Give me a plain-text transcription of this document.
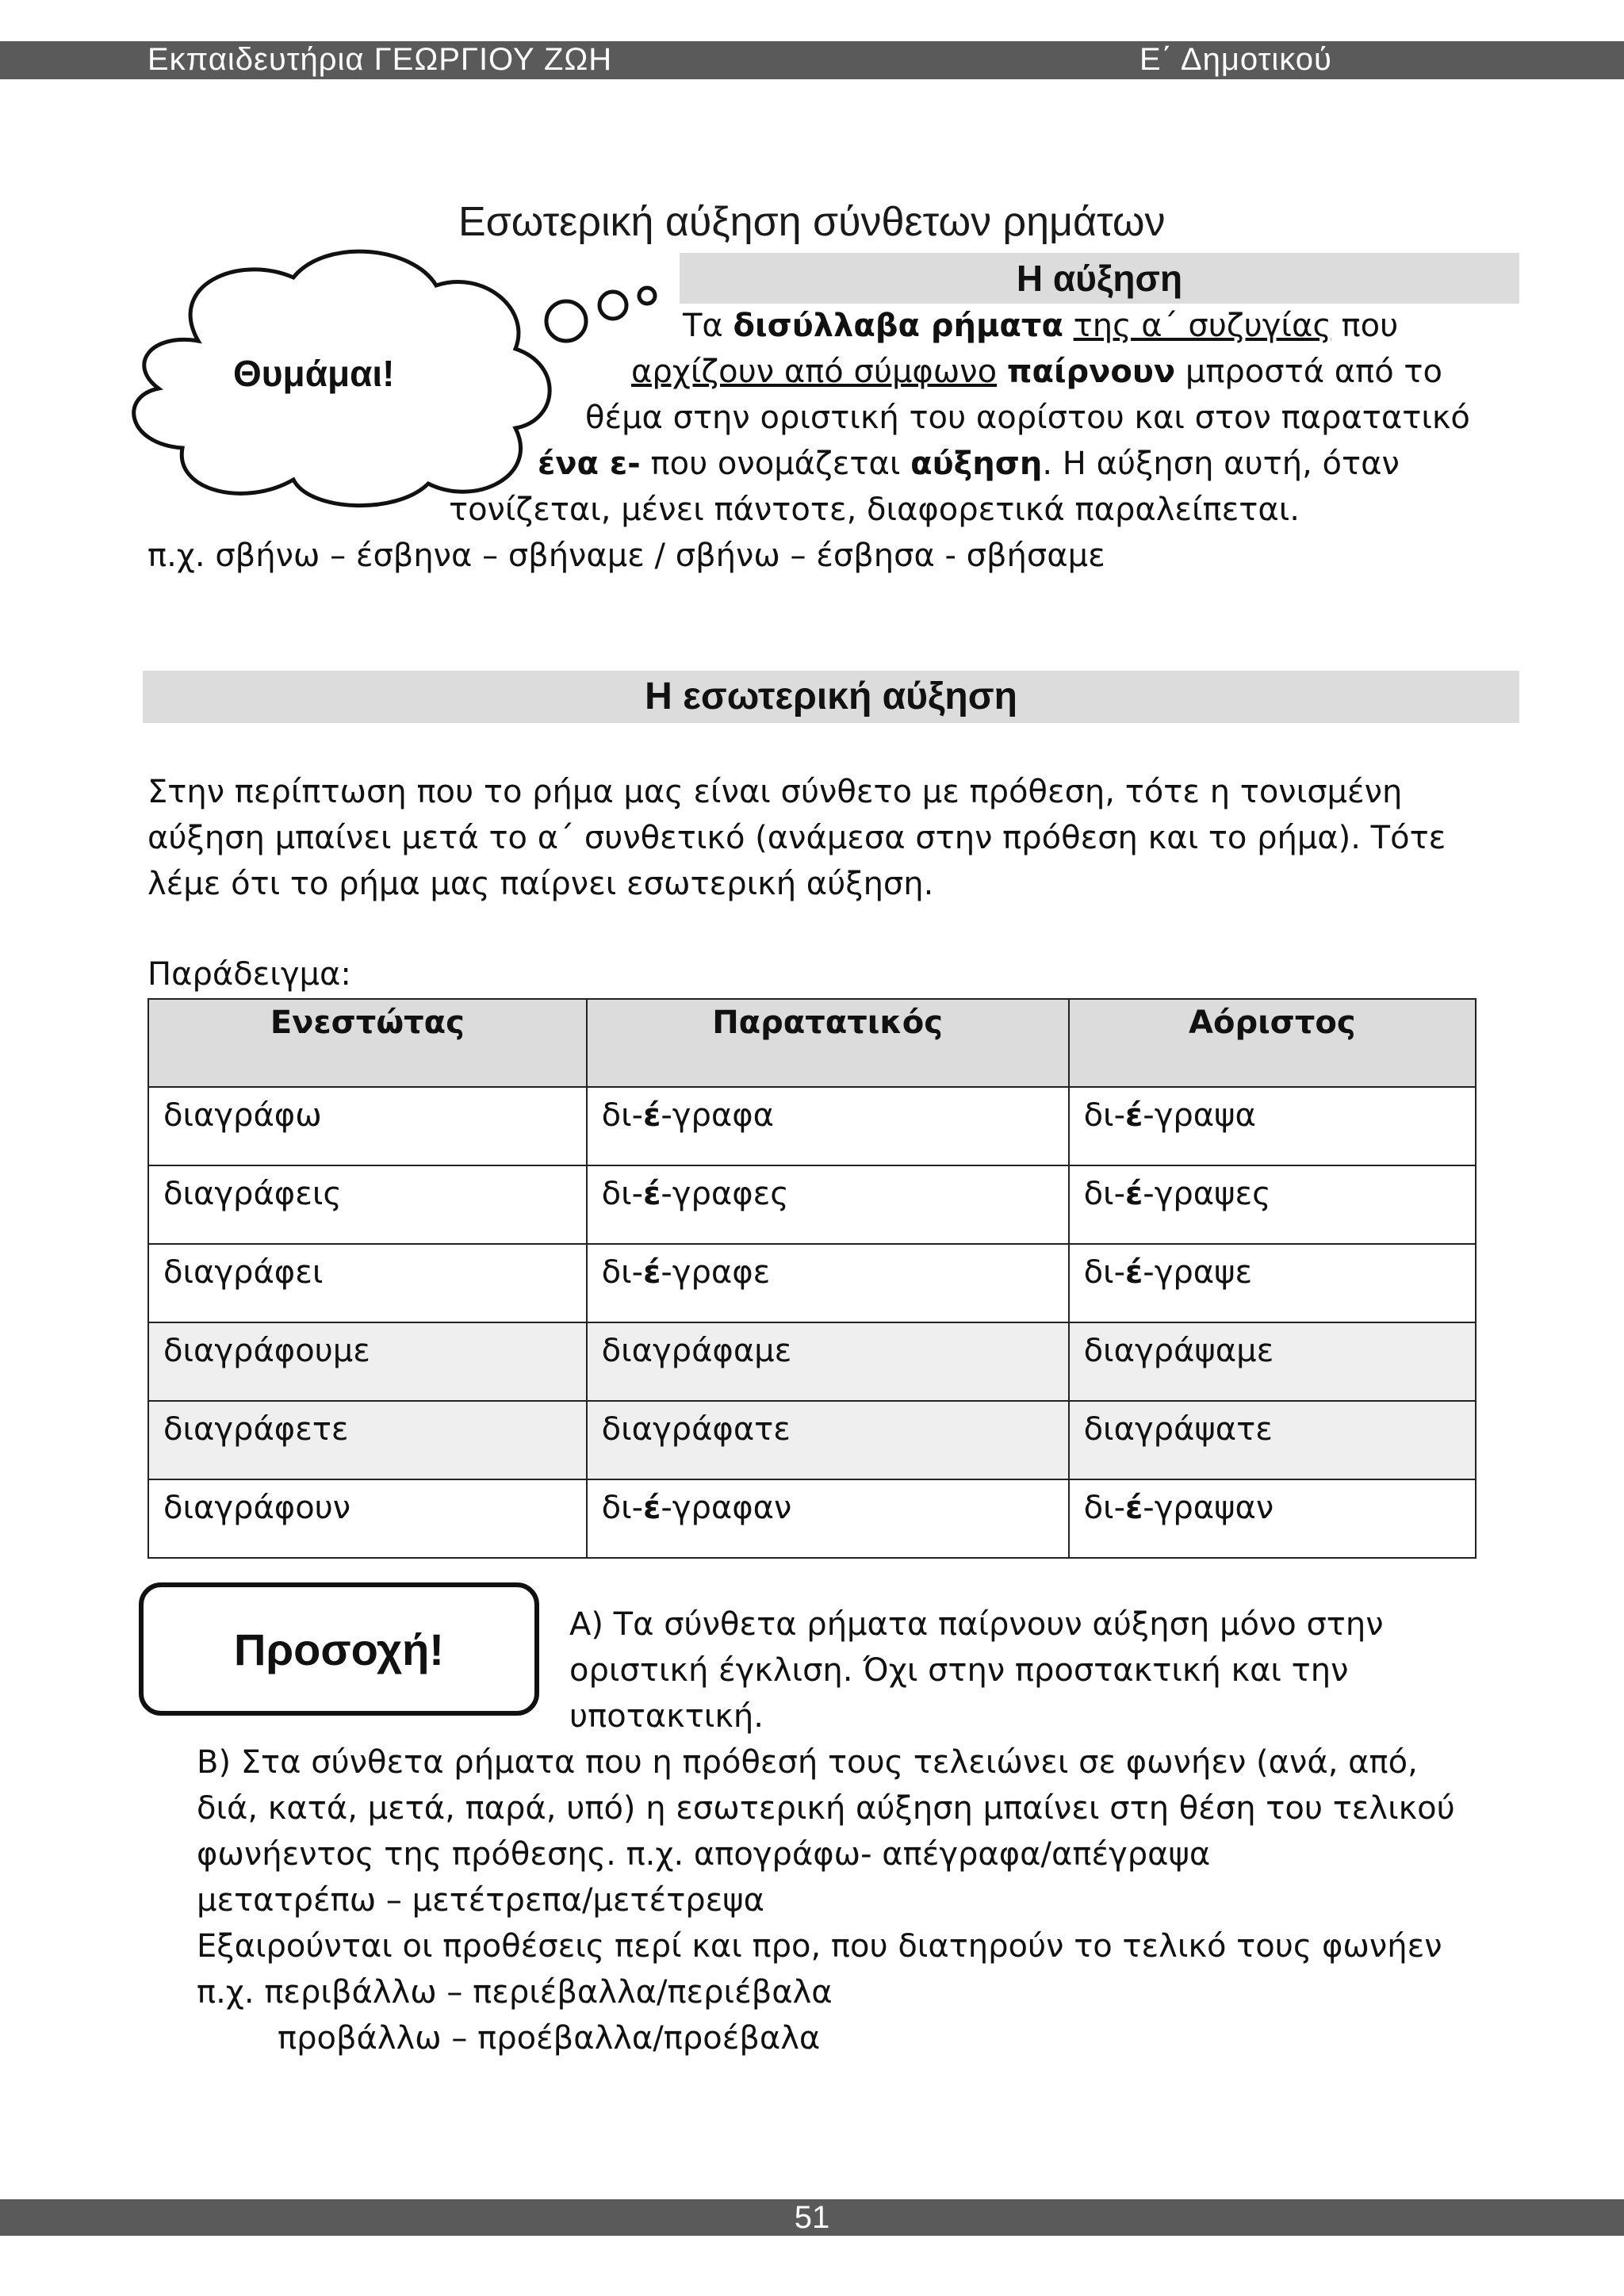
Εκπαιδευτήρια ΓΕΩΡΓΙΟΥ ΖΩΗ	Ε΄ Δημοτικού
Εσωτερική αύξηση σύνθετων ρημάτων
Θυμάμαι!
Η αύξηση
Τα δισύλλαβα ρήματα της α΄ συζυγίας που
αρχίζουν από σύμφωνο παίρνουν μπροστά από το
θέμα στην οριστική του αορίστου και στον παρατατικό
ένα ε- που ονομάζεται αύξηση. Η αύξηση αυτή, όταν
τονίζεται, μένει πάντοτε, διαφορετικά παραλείπεται.
π.χ. σβήνω – έσβηνα – σβήναμε / σβήνω – έσβησα - σβήσαμε
Η εσωτερική αύξηση
Στην περίπτωση που το ρήμα μας είναι σύνθετο με πρόθεση, τότε η τονισμένη
αύξηση μπαίνει μετά το α΄ συνθετικό (ανάμεσα στην πρόθεση και το ρήμα). Τότε
λέμε ότι το ρήμα μας παίρνει εσωτερική αύξηση.
Παράδειγμα:
Ενεστώτας	Παρατατικός	Αόριστος
διαγράφω	δι-έ-γραφα	δι-έ-γραψα
διαγράφεις	δι-έ-γραφες	δι-έ-γραψες
διαγράφει	δι-έ-γραφε	δι-έ-γραψε
διαγράφουμε	διαγράφαμε	διαγράψαμε
διαγράφετε	διαγράφατε	διαγράψατε
διαγράφουν	δι-έ-γραφαν	δι-έ-γραψαν
Προσοχή!	Α) Τα σύνθετα ρήματα παίρνουν αύξηση μόνο στην
οριστική έγκλιση. Όχι στην προστακτική και την
υποτακτική.
Β) Στα σύνθετα ρήματα που η πρόθεσή τους τελειώνει σε φωνήεν (ανά, από,
διά, κατά, μετά, παρά, υπό) η εσωτερική αύξηση μπαίνει στη θέση του τελικού
φωνήεντος της πρόθεσης. π.χ. απογράφω- απέγραφα/απέγραψα
μετατρέπω – μετέτρεπα/μετέτρεψα
Εξαιρούνται οι προθέσεις περί και προ, που διατηρούν το τελικό τους φωνήεν
π.χ. περιβάλλω – περιέβαλλα/περιέβαλα
προβάλλω – προέβαλλα/προέβαλα
51
